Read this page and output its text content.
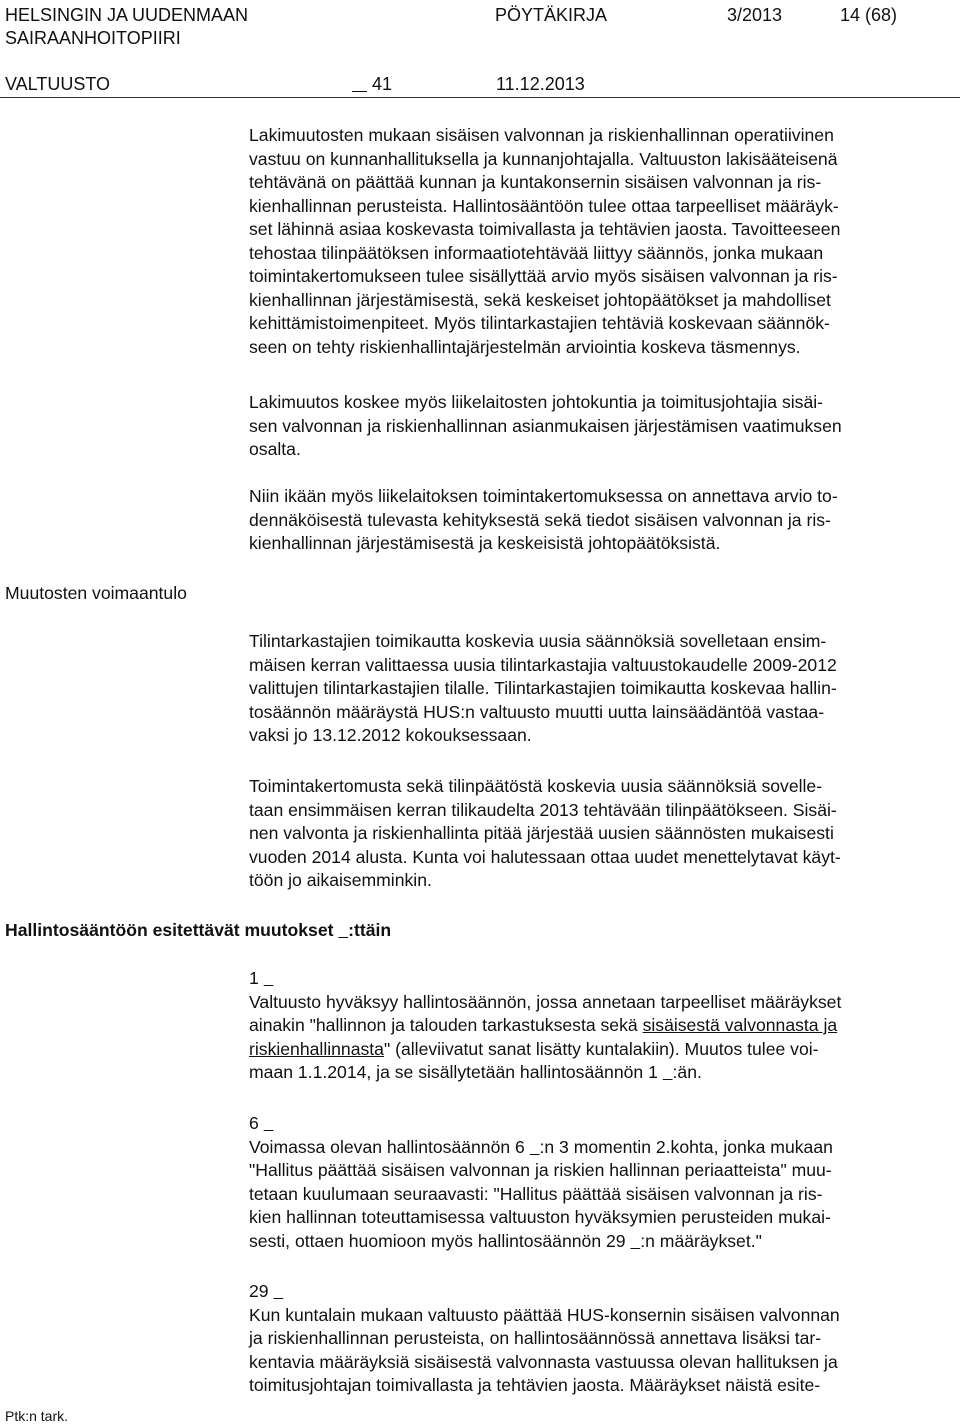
HELSINGIN JA UUDENMAAN
SAIRAANHOITOPIIRI
PÖYTÄKIRJA	3/2013	14 (68)
VALTUUSTO	41	11.12.2013
Muutosten voimaantulo
Hallintosääntöön esitettävät muutokset :ttäin
Ptk:n tark.
Lakimuutosten mukaan sisäisen valvonnan ja riskienhallinnan operatiivinen
vastuu on kunnanhallituksella ja kunnanjohtajalla. Valtuuston lakisääteisenä
tehtävänä on päättää kunnan ja kuntakonsernin sisäisen valvonnan ja ris-
kienhallinnan perusteista. Hallintosääntöön tulee ottaa tarpeelliset määräyk-
set lähinnä asiaa koskevasta toimivallasta ja tehtävien jaosta. Tavoitteeseen
tehostaa tilinpäätöksen informaatiotehtävää liittyy säännös, jonka mukaan
toimintakertomukseen tulee sisällyttää arvio myös sisäisen valvonnan ja ris-
kienhallinnan järjestämisestä, sekä keskeiset johtopäätökset ja mahdolliset
kehittämistoimenpiteet. Myös tilintarkastajien tehtäviä koskevaan säännök-
seen on tehty riskienhallintajärjestelmän arviointia koskeva täsmennys.
Lakimuutos koskee myös liikelaitosten johtokuntia ja toimitusjohtajia sisäi-
sen valvonnan ja riskienhallinnan asianmukaisen järjestämisen vaatimuksen
osalta.
Niin ikään myös liikelaitoksen toimintakertomuksessa on annettava arvio to-
dennäköisestä tulevasta kehityksestä sekä tiedot sisäisen valvonnan ja ris-
kienhallinnan järjestämisestä ja keskeisistä johtopäätöksistä.
Tilintarkastajien toimikautta koskevia uusia säännöksiä sovelletaan ensim-
mäisen kerran valittaessa uusia tilintarkastajia valtuustokaudelle 2009-2012
valittujen tilintarkastajien tilalle. Tilintarkastajien toimikautta koskevaa hallin-
tosäännön määräystä HUS:n valtuusto muutti uutta lainsäädäntöä vastaa-
vaksi jo 13.12.2012 kokouksessaan.
Toimintakertomusta sekä tilinpäätöstä koskevia uusia säännöksiä sovelle-
taan ensimmäisen kerran tilikaudelta 2013 tehtävään tilinpäätökseen. Sisäi-
nen valvonta ja riskienhallinta pitää järjestää uusien säännösten mukaisesti
vuoden 2014 alusta. Kunta voi halutessaan ottaa uudet menettelytavat käyt-
töön jo aikaisemminkin.
1
Valtuusto hyväksyy hallintosäännön, jossa annetaan tarpeelliset määräykset
ainakin "hallinnon ja talouden tarkastuksesta sekä sisäisestä valvonnasta ja
riskienhallinnasta" (alleviivatut sanat lisätty kuntalakiin). Muutos tulee voi-
maan 1.1.2014, ja se sisällytetään hallintosäännön 1   :än.
6
Voimassa olevan hallintosäännön 6   :n 3 momentin 2.kohta, jonka mukaan
"Hallitus päättää sisäisen valvonnan ja riskien hallinnan periaatteista" muu-
tetaan kuulumaan seuraavasti: "Hallitus päättää sisäisen valvonnan ja ris-
kien hallinnan toteuttamisessa valtuuston hyväksymien perusteiden mukai-
sesti, ottaen huomioon myös hallintosäännön 29   :n määräykset."
29
Kun kuntalain mukaan valtuusto päättää HUS-konsernin sisäisen valvonnan
ja riskienhallinnan perusteista, on hallintosäännössä annettava lisäksi tar-
kentavia määräyksiä sisäisestä valvonnasta vastuussa olevan hallituksen ja
toimitusjohtajan toimivallasta ja tehtävien jaosta. Määräykset näistä esite-
